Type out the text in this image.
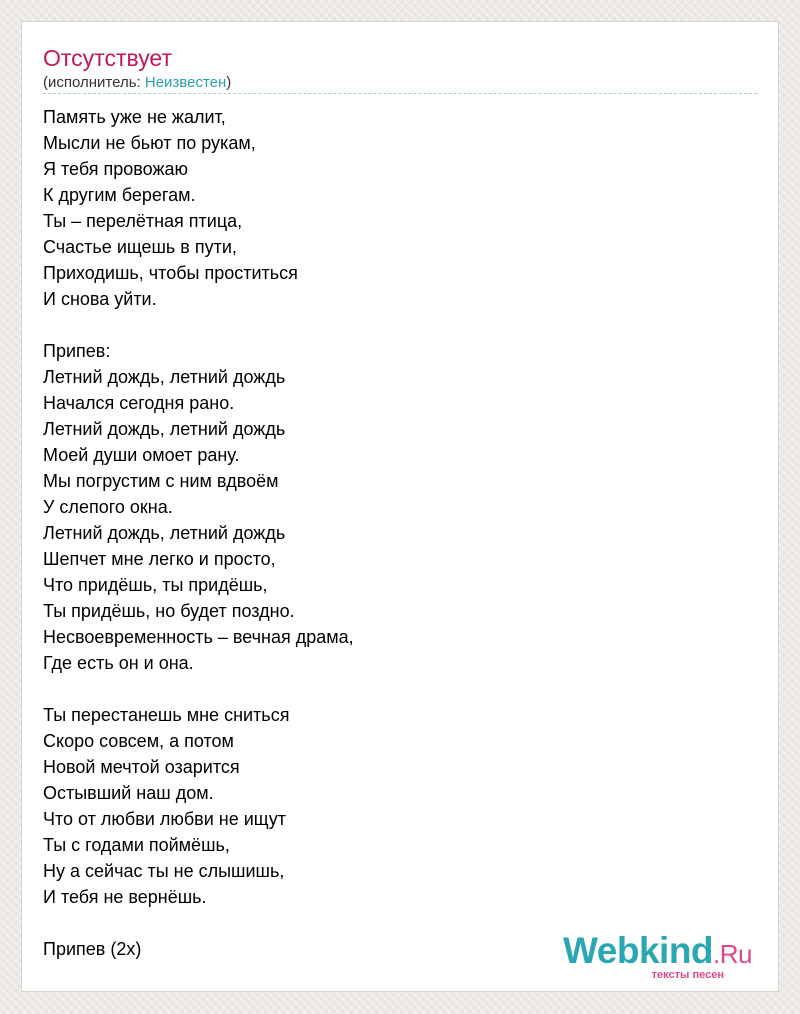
Отсутствует
(исполнитель: Неизвестен)
Память уже не жалит,
Мысли не бьют по рукам,
Я тебя провожаю
К другим берегам.
Ты – перелётная птица,
Счастье ищешь в пути,
Приходишь, чтобы проститься
И снова уйти.
Припев:
Летний дождь, летний дождь
Начался сегодня рано.
Летний дождь, летний дождь
Моей души омоет рану.
Мы погрустим с ним вдвоём
У слепого окна.
Летний дождь, летний дождь
Шепчет мне легко и просто,
Что придёшь, ты придёшь,
Ты придёшь, но будет поздно.
Несвоевременность – вечная драма,
Где есть он и она.
Ты перестанешь мне сниться
Скоро совсем, а потом
Новой мечтой озарится
Остывший наш дом.
Что от любви любви не ищут
Ты с годами поймёшь,
Ну а сейчас ты не слышишь,
И тебя не вернёшь.
Припев (2x)	Webkind.Ru
тексты песен
